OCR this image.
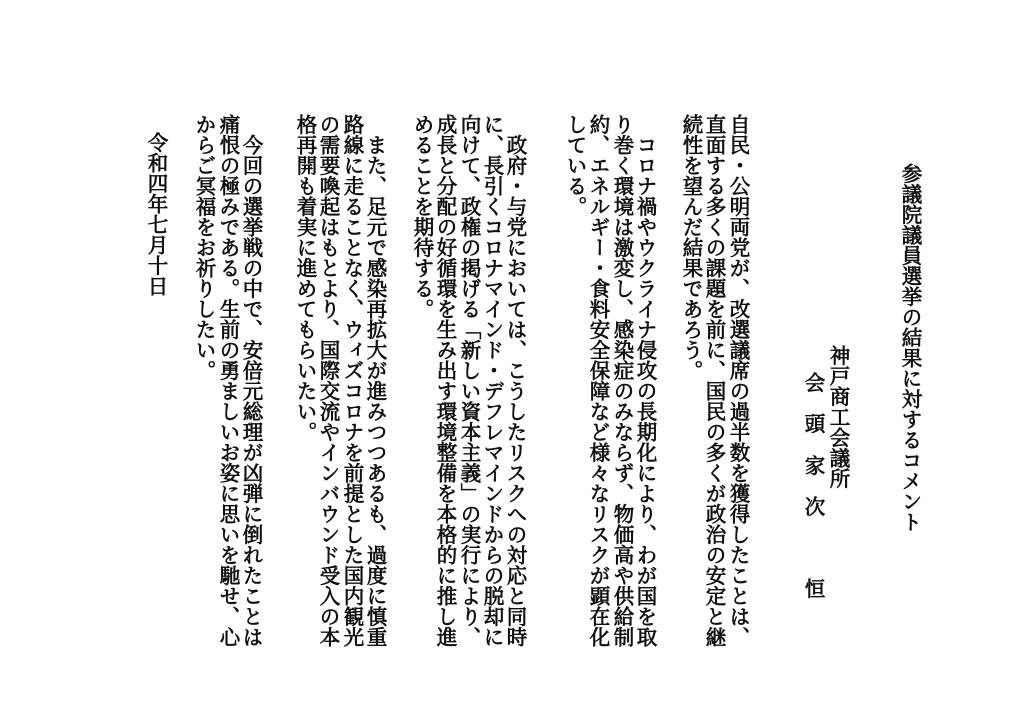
参議院議員選挙の結果に対するコメント
神戸商工会議所
会　頭
家　次　　　恒
自民・公明両党が、改選議席の過半数を獲得したことは、
直面する多くの課題を前に、国民の多くが政治の安定と継
続性を望んだ結果であろう。
　コロナ禍やウクライナ侵攻の長期化により、わが国を取
り巻く環境は激変し、感染症のみならず、物価高や供給制
約、エネルギー・食料安全保障など様々なリスクが顕在化
している。
　政府・与党においては、こうしたリスクへの対応と同時
に、長引くコロナマインド・デフレマインドからの脱却に
向けて、政権の掲げる「新しい資本主義」の実行により、
成長と分配の好循環を生み出す環境整備を本格的に推し進
めることを期待する。
　また、足元で感染再拡大が進みつつあるも、過度に慎重
路線に走ることなく、ウィズコロナを前提とした国内観光
の需要喚起はもとより、国際交流やインバウンド受入の本
格再開も着実に進めてもらいたい。
　今回の選挙戦の中で、安倍元総理が凶弾に倒れたことは
痛恨の極みである。生前の勇ましいお姿に思いを馳せ、心
からご冥福をお祈りしたい。
令和四年七月十日
